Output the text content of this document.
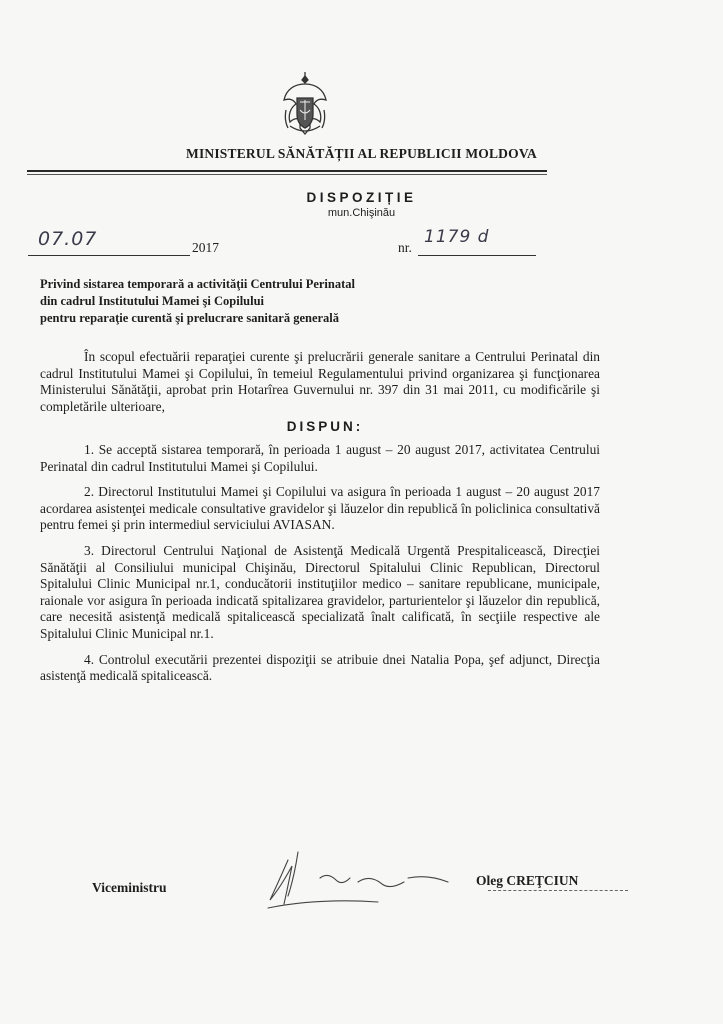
MINISTERUL SĂNĂTĂȚII AL REPUBLICII MOLDOVA
DISPOZIȚIE
mun.Chişinău
07.07	2017	nr.
1179 d
Privind sistarea temporară a activităţii Centrului Perinatal
din cadrul Institutului Mamei şi Copilului
pentru reparaţie curentă şi prelucrare sanitară generală

În scopul efectuării reparaţiei curente şi prelucrării generale sanitare a Centrului Perinatal din cadrul Institutului Mamei şi Copilului, în temeiul Regulamentului privind organizarea şi funcţionarea Ministerului Sănătăţii, aprobat prin Hotarîrea Guvernului nr. 397 din 31 mai 2011, cu modificările şi completările ulterioare,

DISPUN:

1. Se acceptă sistarea temporară, în perioada 1 august – 20 august 2017, activitatea Centrului Perinatal din cadrul Institutului Mamei şi Copilului.

2. Directorul Institutului Mamei şi Copilului va asigura în perioada 1 august – 20 august 2017 acordarea asistenţei medicale consultative gravidelor şi lăuzelor din republică în policlinica consultativă pentru femei şi prin intermediul serviciului AVIASAN.

3. Directorul Centrului Naţional de Asistenţă Medicală Urgentă Prespitalicească, Direcţiei Sănătăţii al Consiliului municipal Chişinău, Directorul Spitalului Clinic Republican, Directorul Spitalului Clinic Municipal nr.1, conducătorii instituţiilor medico – sanitare republicane, municipale, raionale vor asigura în perioada indicată spitalizarea gravidelor, parturientelor şi lăuzelor din republică, care necesită asistenţă medicală spitalicească specializată înalt calificată, în secţiile respective ale Spitalului Clinic Municipal nr.1.

4. Controlul executării prezentei dispoziţii se atribuie dnei Natalia Popa, şef adjunct, Direcţia asistenţă medicală spitalicească.

Viceministru	Oleg CREŢCIUN
